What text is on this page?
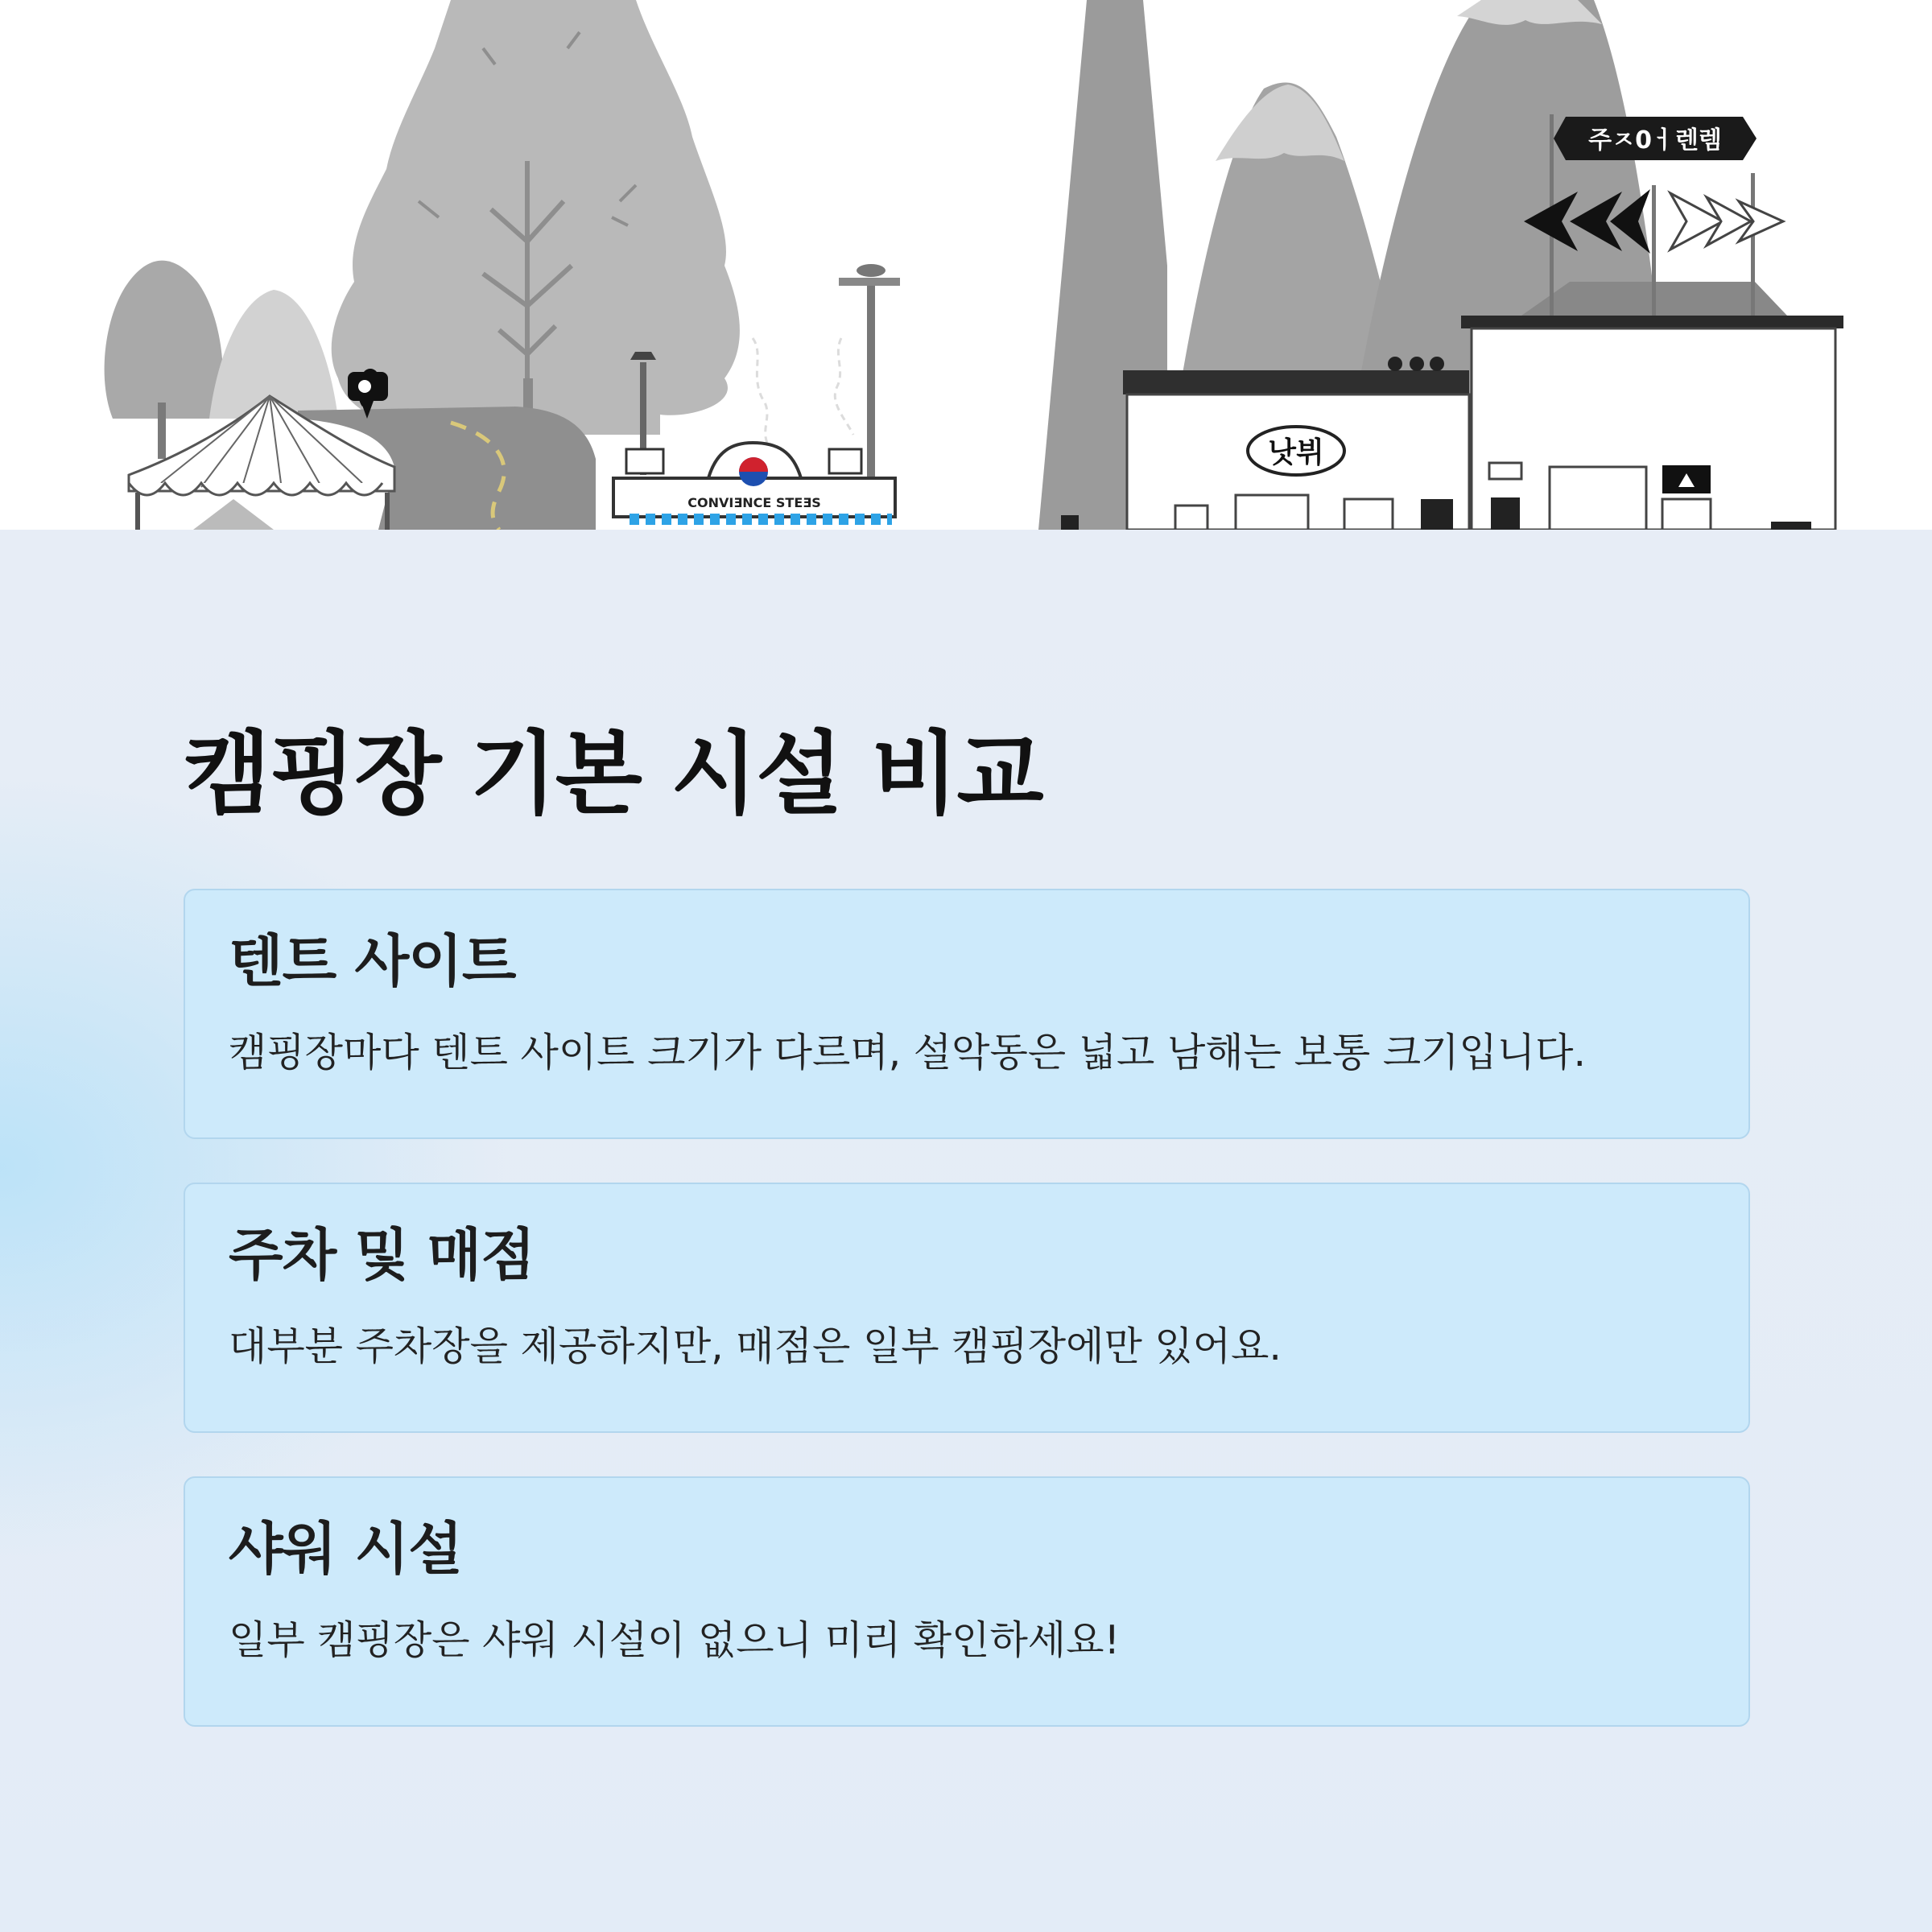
CONVIƎNCE STEƎS
낫뷔
주ㅈ0ㅓ렌렘
캠핑장 기본 시설 비교
텐트 사이트

캠핑장마다 텐트 사이트 크기가 다르며, 설악동은 넓고 남해는 보통 크기입니다.

주차 및 매점

대부분 주차장을 제공하지만, 매점은 일부 캠핑장에만 있어요.

샤워 시설

일부 캠핑장은 샤워 시설이 없으니 미리 확인하세요!
